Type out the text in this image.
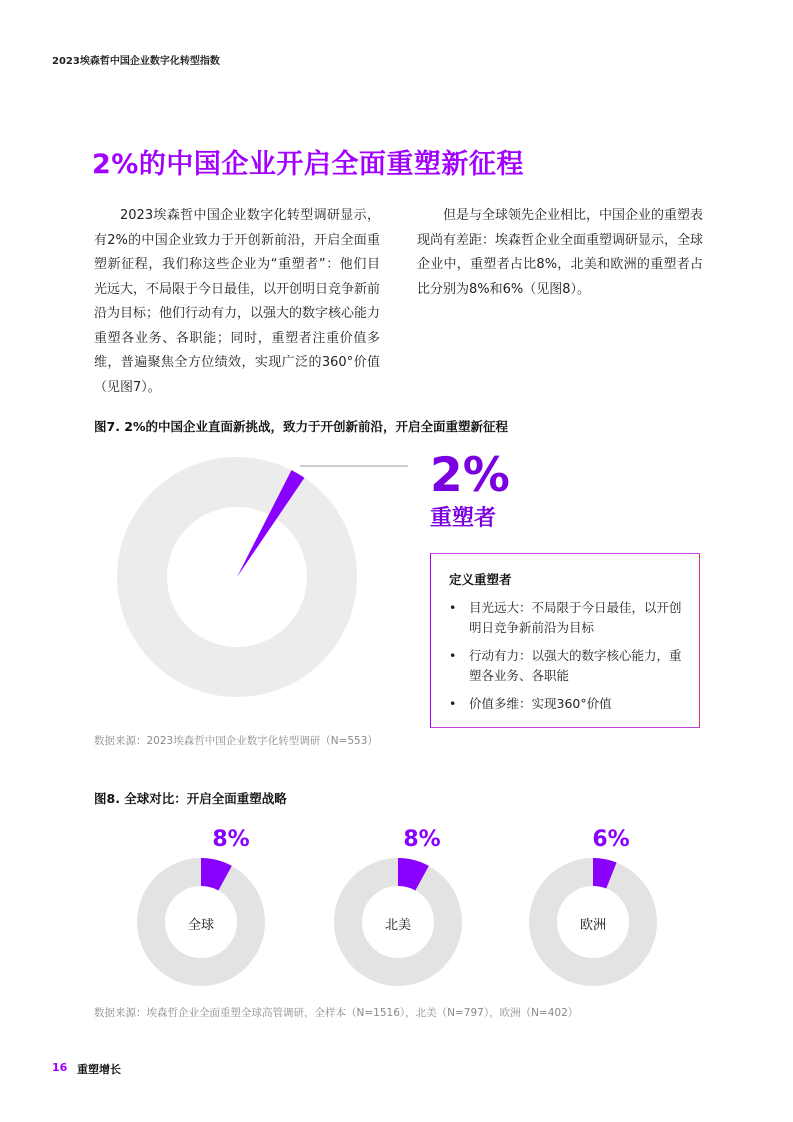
2023埃森哲中国企业数字化转型指数
2%的中国企业开启全面重塑新征程
2023埃森哲中国企业数字化转型调研显示，有2%的中国企业致力于开创新前沿，开启全面重塑新征程，我们称这些企业为“重塑者”：他们目光远大，不局限于今日最佳，以开创明日竞争新前沿为目标；他们行动有力，以强大的数字核心能力重塑各业务、各职能；同时，重塑者注重价值多维，普遍聚焦全方位绩效，实现广泛的360°价值（见图7）。
但是与全球领先企业相比，中国企业的重塑表现尚有差距：埃森哲企业全面重塑调研显示，全球企业中，重塑者占比8%，北美和欧洲的重塑者占比分别为8%和6%（见图8）。
图7. 2%的中国企业直面新挑战，致力于开创新前沿，开启全面重塑新征程
2%
重塑者
定义重塑者
• 目光远大：不局限于今日最佳，以开创明日竞争新前沿为目标
• 行动有力：以强大的数字核心能力，重塑各业务、各职能
• 价值多维：实现360°价值
数据来源：2023埃森哲中国企业数字化转型调研（N=553）
图8. 全球对比：开启全面重塑战略
8%	8%	6%
全球	北美	欧洲
数据来源：埃森哲企业全面重塑全球高管调研，全样本（N=1516），北美（N=797），欧洲（N=402）
16 重塑增长
